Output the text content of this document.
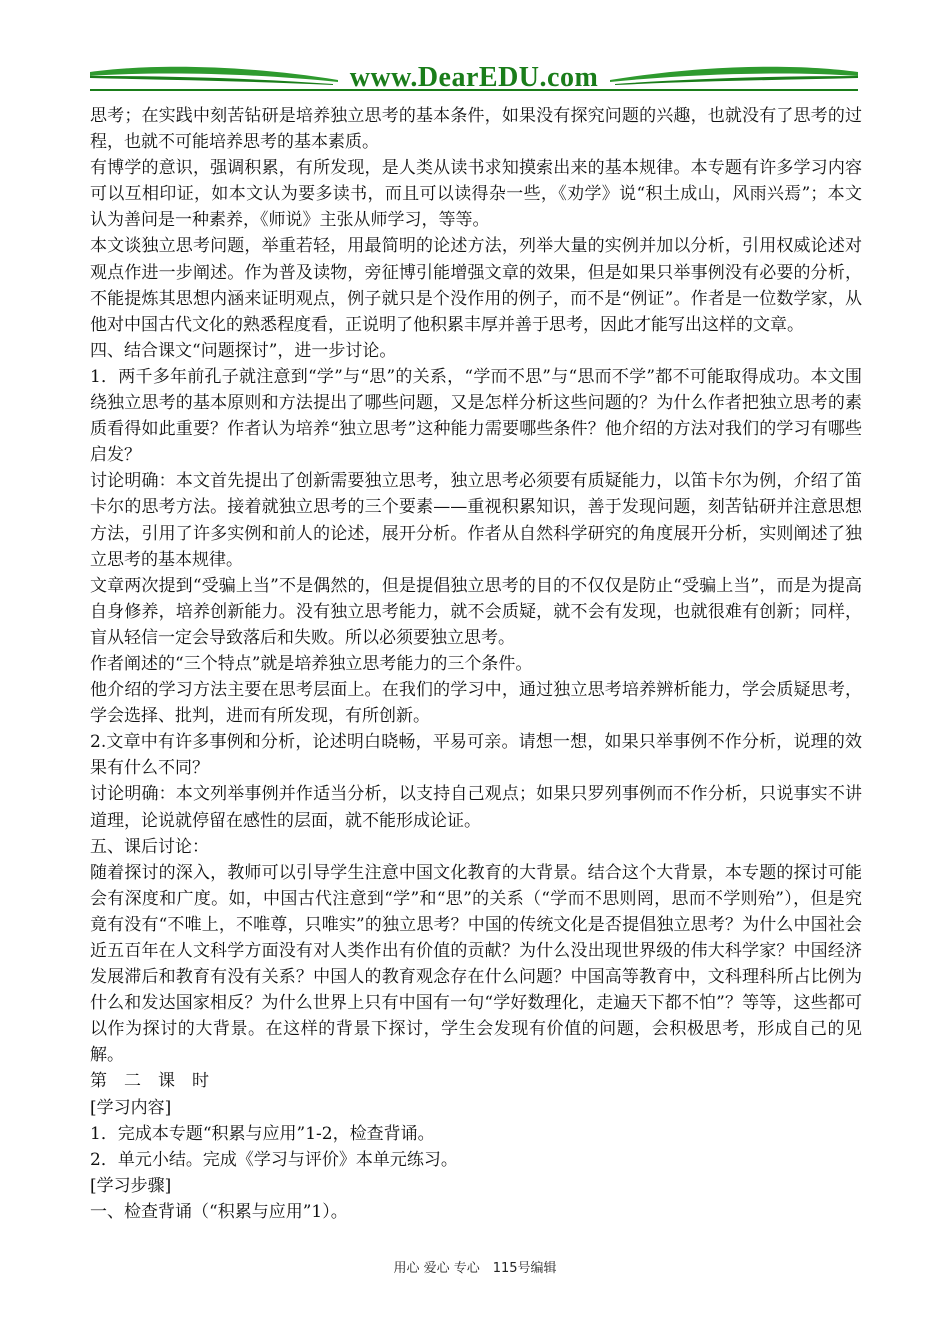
www.DearEDU.com

思考；在实践中刻苦钻研是培养独立思考的基本条件，如果没有探究问题的兴趣，也就没有了思考的过程，也就不可能培养思考的基本素质。

有博学的意识，强调积累，有所发现，是人类从读书求知摸索出来的基本规律。本专题有许多学习内容可以互相印证，如本文认为要多读书，而且可以读得杂一些，《劝学》说“积土成山，风雨兴焉”；本文认为善问是一种素养，《师说》主张从师学习，等等。

本文谈独立思考问题，举重若轻，用最简明的论述方法，列举大量的实例并加以分析，引用权威论述对观点作进一步阐述。作为普及读物，旁征博引能增强文章的效果，但是如果只举事例没有必要的分析，不能提炼其思想内涵来证明观点，例子就只是个没作用的例子，而不是“例证”。作者是一位数学家，从他对中国古代文化的熟悉程度看，正说明了他积累丰厚并善于思考，因此才能写出这样的文章。

四、结合课文“问题探讨”，进一步讨论。

1．两千多年前孔子就注意到“学”与“思”的关系，“学而不思”与“思而不学”都不可能取得成功。本文围绕独立思考的基本原则和方法提出了哪些问题，又是怎样分析这些问题的？为什么作者把独立思考的素质看得如此重要？作者认为培养“独立思考”这种能力需要哪些条件？他介绍的方法对我们的学习有哪些启发？

讨论明确：本文首先提出了创新需要独立思考，独立思考必须要有质疑能力，以笛卡尔为例，介绍了笛卡尔的思考方法。接着就独立思考的三个要素——重视积累知识，善于发现问题，刻苦钻研并注意思想方法，引用了许多实例和前人的论述，展开分析。作者从自然科学研究的角度展开分析，实则阐述了独立思考的基本规律。

文章两次提到“受骗上当”不是偶然的，但是提倡独立思考的目的不仅仅是防止“受骗上当”，而是为提高自身修养，培养创新能力。没有独立思考能力，就不会质疑，就不会有发现，也就很难有创新；同样，盲从轻信一定会导致落后和失败。所以必须要独立思考。

作者阐述的“三个特点”就是培养独立思考能力的三个条件。

他介绍的学习方法主要在思考层面上。在我们的学习中，通过独立思考培养辨析能力，学会质疑思考，学会选择、批判，进而有所发现，有所创新。

2.文章中有许多事例和分析，论述明白晓畅，平易可亲。请想一想，如果只举事例不作分析，说理的效果有什么不同？

讨论明确：本文列举事例并作适当分析，以支持自己观点；如果只罗列事例而不作分析，只说事实不讲道理，论说就停留在感性的层面，就不能形成论证。

五、课后讨论：

随着探讨的深入，教师可以引导学生注意中国文化教育的大背景。结合这个大背景，本专题的探讨可能会有深度和广度。如，中国古代注意到“学”和“思”的关系（“学而不思则罔，思而不学则殆”），但是究竟有没有“不唯上，不唯尊，只唯实”的独立思考？中国的传统文化是否提倡独立思考？为什么中国社会近五百年在人文科学方面没有对人类作出有价值的贡献？为什么没出现世界级的伟大科学家？中国经济发展滞后和教育有没有关系？中国人的教育观念存在什么问题？中国高等教育中，文科理科所占比例为什么和发达国家相反？为什么世界上只有中国有一句“学好数理化，走遍天下都不怕”？等等，这些都可以作为探讨的大背景。在这样的背景下探讨，学生会发现有价值的问题，会积极思考，形成自己的见解。

第　二　课　时

[学习内容]

1．完成本专题“积累与应用”1-2，检查背诵。

2．单元小结。完成《学习与评价》本单元练习。

[学习步骤]

一、检查背诵（“积累与应用”1）。

用心 爱心 专心　115号编辑
